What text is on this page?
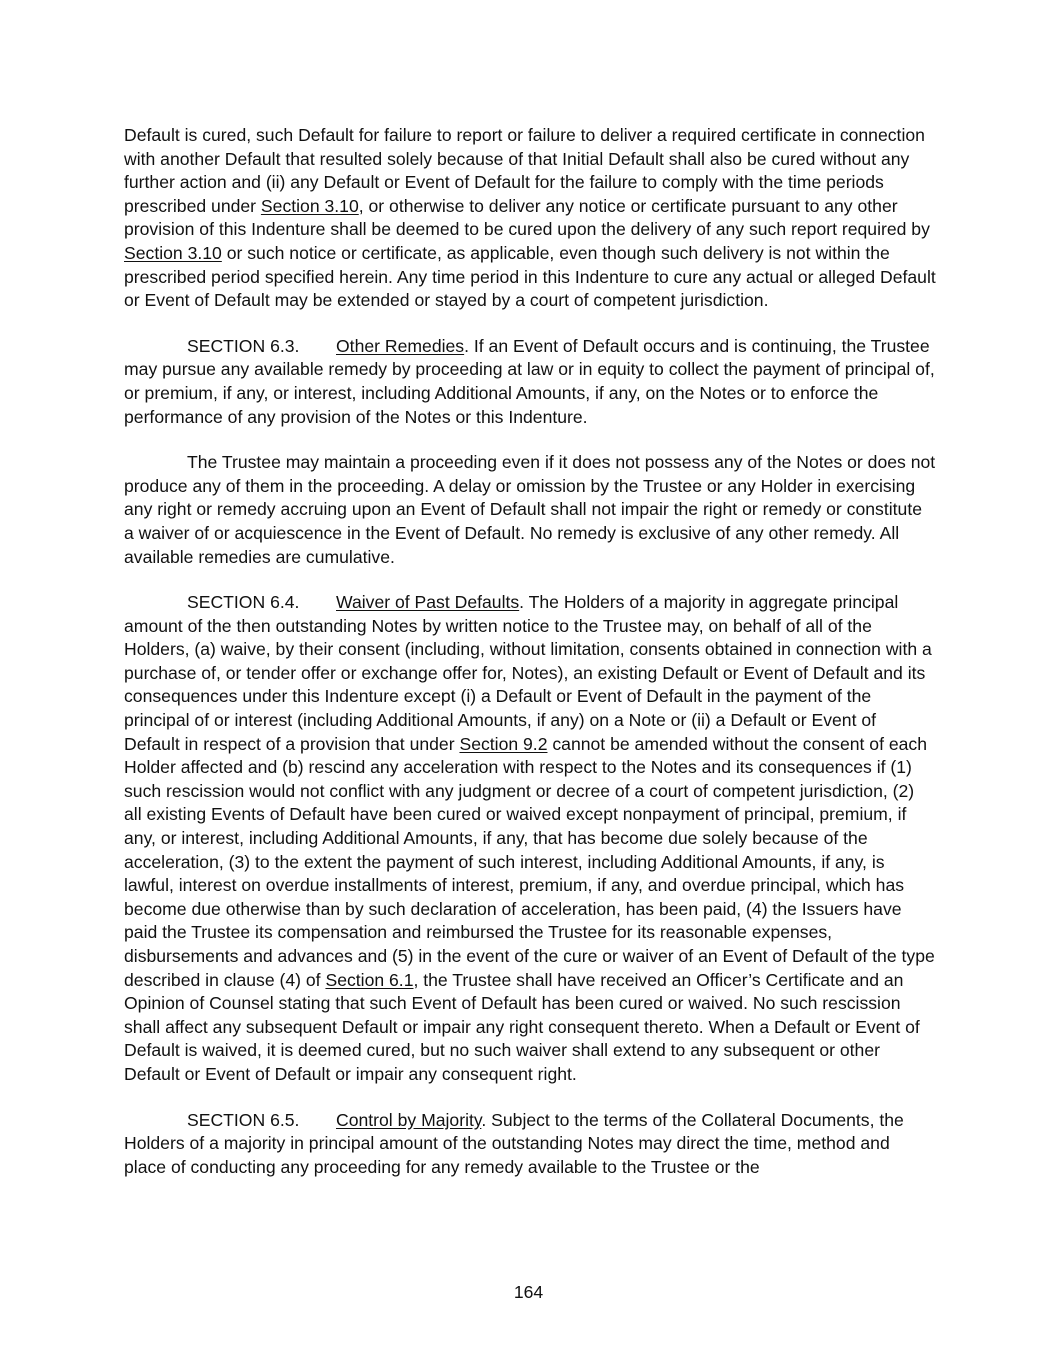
Default is cured, such Default for failure to report or failure to deliver a required certificate in connection with another Default that resulted solely because of that Initial Default shall also be cured without any further action and (ii) any Default or Event of Default for the failure to comply with the time periods prescribed under Section 3.10, or otherwise to deliver any notice or certificate pursuant to any other provision of this Indenture shall be deemed to be cured upon the delivery of any such report required by Section 3.10 or such notice or certificate, as applicable, even though such delivery is not within the prescribed period specified herein. Any time period in this Indenture to cure any actual or alleged Default or Event of Default may be extended or stayed by a court of competent jurisdiction.

SECTION 6.3. Other Remedies. If an Event of Default occurs and is continuing, the Trustee may pursue any available remedy by proceeding at law or in equity to collect the payment of principal of, or premium, if any, or interest, including Additional Amounts, if any, on the Notes or to enforce the performance of any provision of the Notes or this Indenture.

The Trustee may maintain a proceeding even if it does not possess any of the Notes or does not produce any of them in the proceeding. A delay or omission by the Trustee or any Holder in exercising any right or remedy accruing upon an Event of Default shall not impair the right or remedy or constitute a waiver of or acquiescence in the Event of Default. No remedy is exclusive of any other remedy. All available remedies are cumulative.

SECTION 6.4. Waiver of Past Defaults. The Holders of a majority in aggregate principal amount of the then outstanding Notes by written notice to the Trustee may, on behalf of all of the Holders, (a) waive, by their consent (including, without limitation, consents obtained in connection with a purchase of, or tender offer or exchange offer for, Notes), an existing Default or Event of Default and its consequences under this Indenture except (i) a Default or Event of Default in the payment of the principal of or interest (including Additional Amounts, if any) on a Note or (ii) a Default or Event of Default in respect of a provision that under Section 9.2 cannot be amended without the consent of each Holder affected and (b) rescind any acceleration with respect to the Notes and its consequences if (1) such rescission would not conflict with any judgment or decree of a court of competent jurisdiction, (2) all existing Events of Default have been cured or waived except nonpayment of principal, premium, if any, or interest, including Additional Amounts, if any, that has become due solely because of the acceleration, (3) to the extent the payment of such interest, including Additional Amounts, if any, is lawful, interest on overdue installments of interest, premium, if any, and overdue principal, which has become due otherwise than by such declaration of acceleration, has been paid, (4) the Issuers have paid the Trustee its compensation and reimbursed the Trustee for its reasonable expenses, disbursements and advances and (5) in the event of the cure or waiver of an Event of Default of the type described in clause (4) of Section 6.1, the Trustee shall have received an Officer’s Certificate and an Opinion of Counsel stating that such Event of Default has been cured or waived. No such rescission shall affect any subsequent Default or impair any right consequent thereto. When a Default or Event of Default is waived, it is deemed cured, but no such waiver shall extend to any subsequent or other Default or Event of Default or impair any consequent right.

SECTION 6.5. Control by Majority. Subject to the terms of the Collateral Documents, the Holders of a majority in principal amount of the outstanding Notes may direct the time, method and place of conducting any proceeding for any remedy available to the Trustee or the

164
